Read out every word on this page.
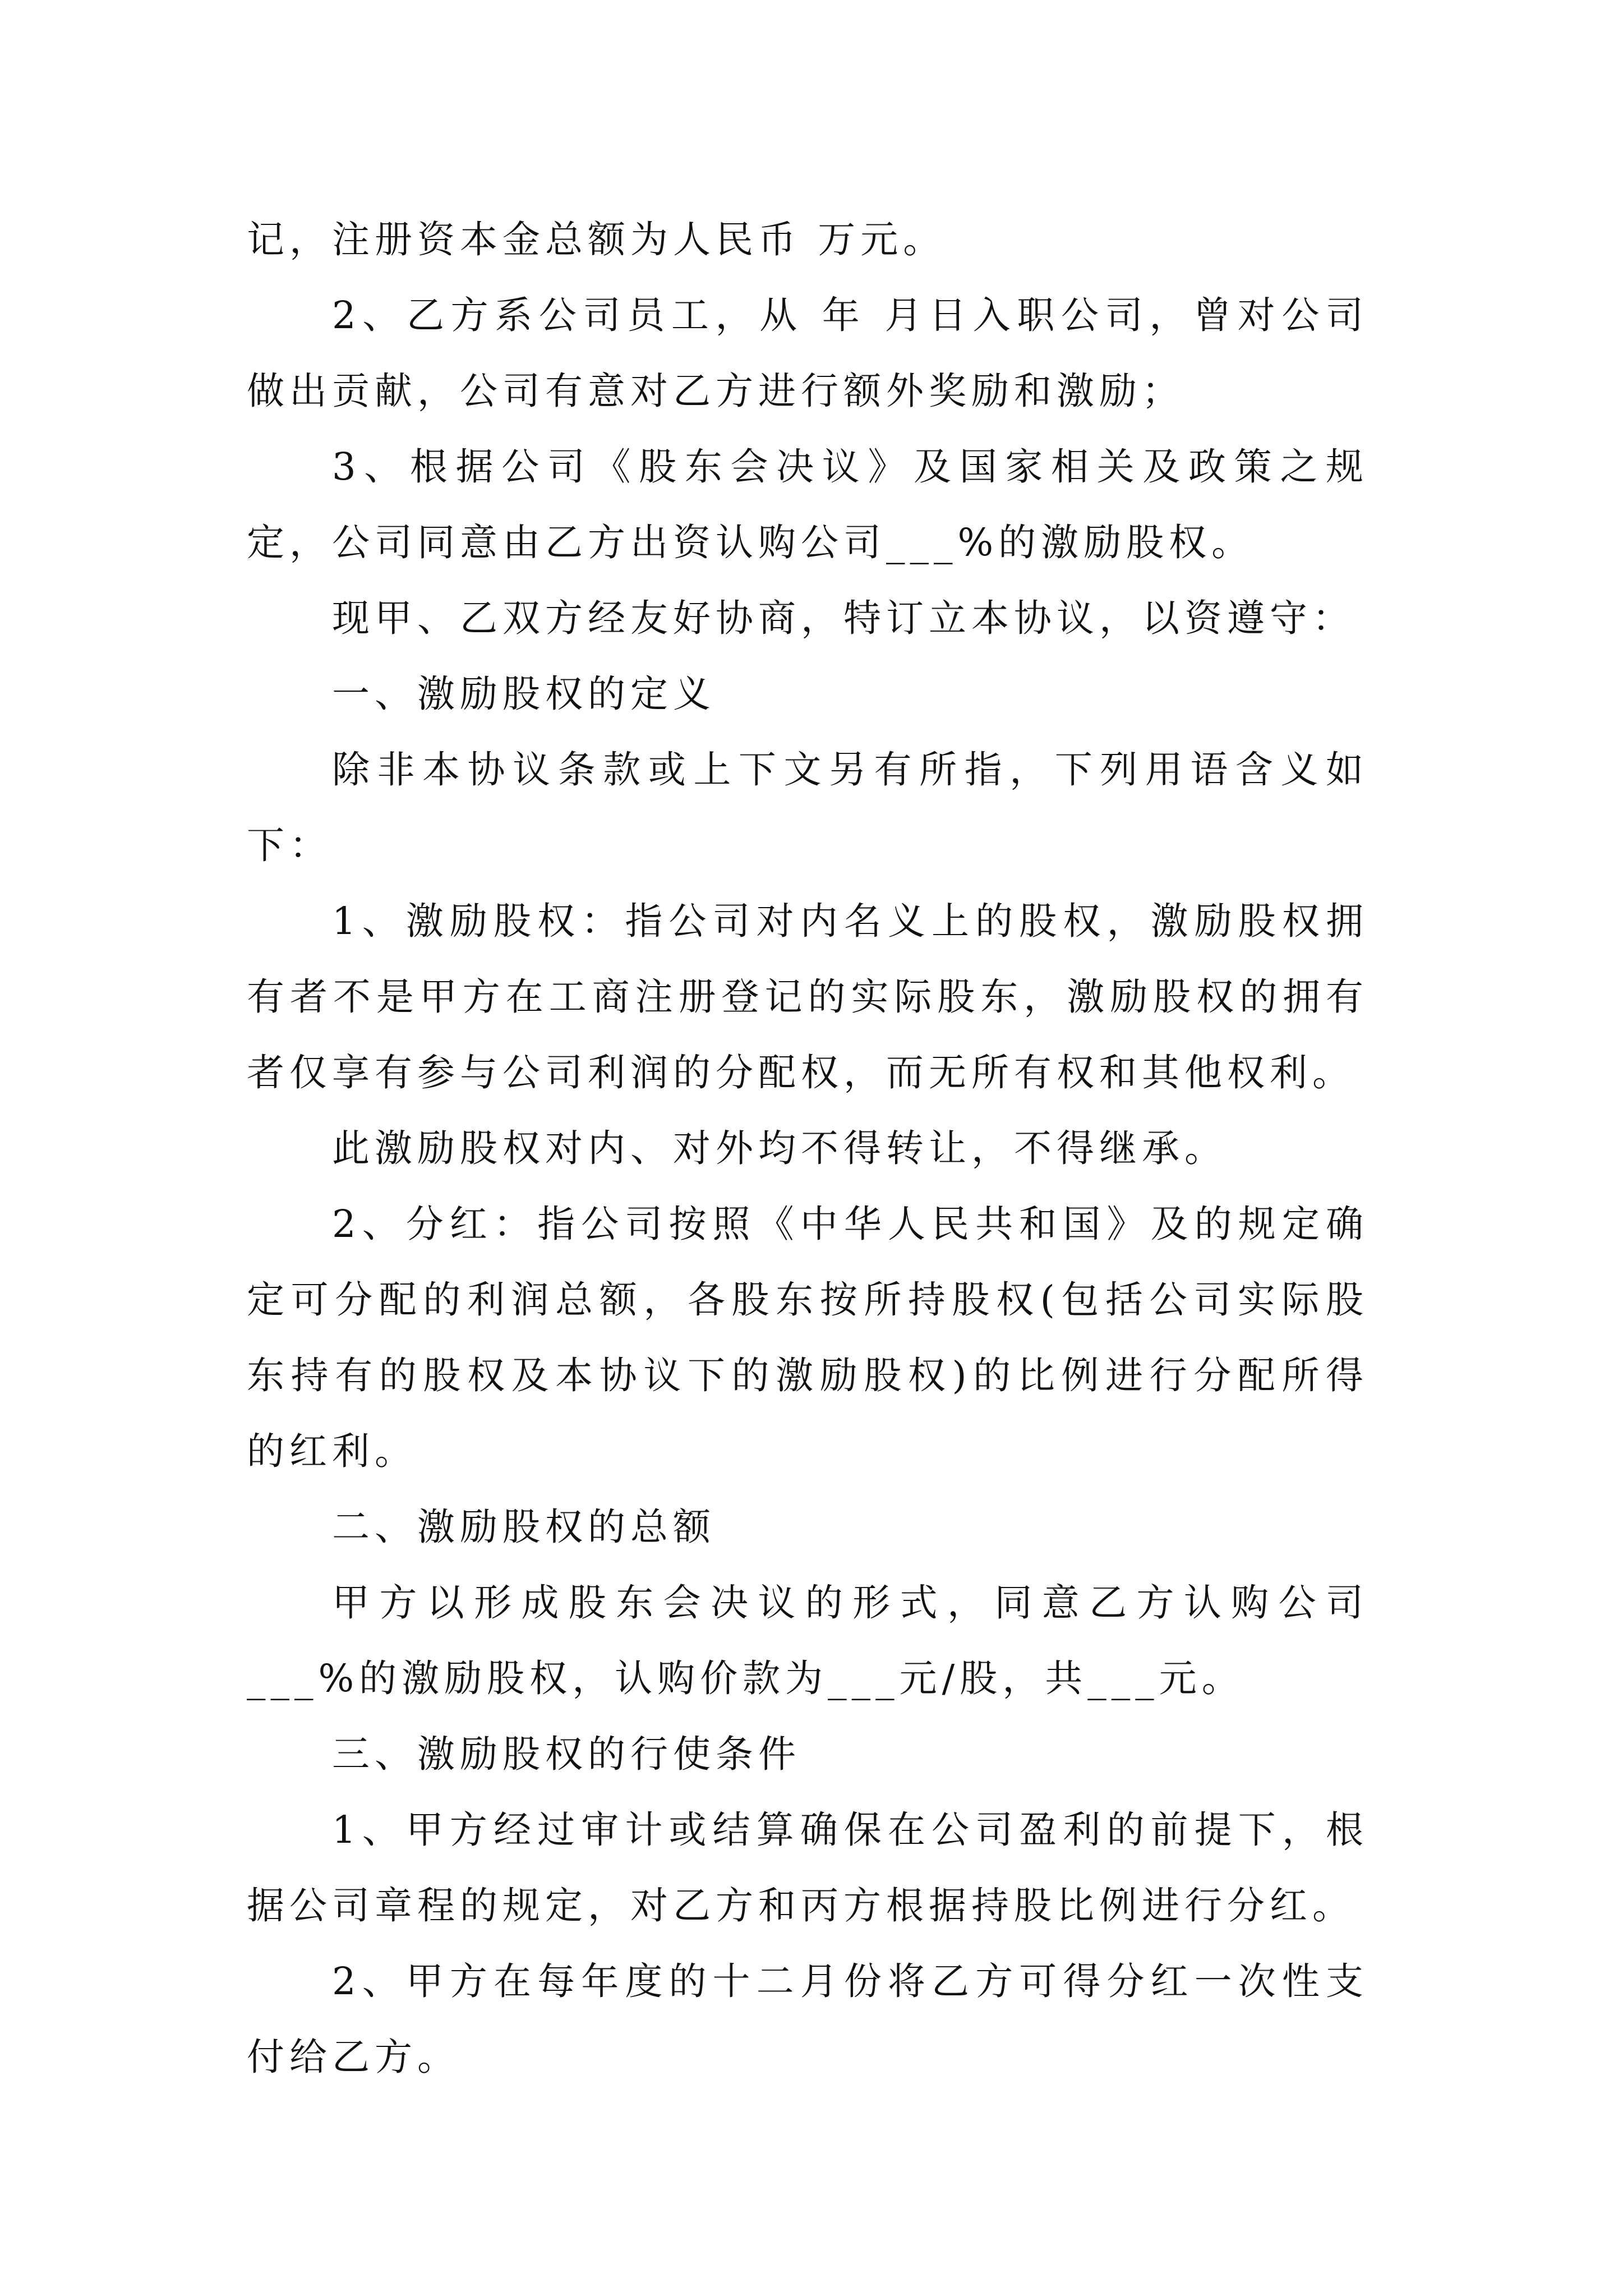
记，注册资本金总额为人民币 万元。

2、乙方系公司员工，从 年 月日入职公司，曾对公司做出贡献，公司有意对乙方进行额外奖励和激励；

3、根据公司《股东会决议》及国家相关及政策之规定，公司同意由乙方出资认购公司___%的激励股权。

现甲、乙双方经友好协商，特订立本协议，以资遵守：

一、激励股权的定义

除非本协议条款或上下文另有所指，下列用语含义如下：

1、激励股权：指公司对内名义上的股权，激励股权拥有者不是甲方在工商注册登记的实际股东，激励股权的拥有者仅享有参与公司利润的分配权，而无所有权和其他权利。

此激励股权对内、对外均不得转让，不得继承。

2、分红：指公司按照《中华人民共和国》及的规定确定可分配的利润总额，各股东按所持股权(包括公司实际股东持有的股权及本协议下的激励股权)的比例进行分配所得的红利。

二、激励股权的总额

甲方以形成股东会决议的形式，同意乙方认购公司___%的激励股权，认购价款为___元/股，共___元。

三、激励股权的行使条件

1、甲方经过审计或结算确保在公司盈利的前提下，根据公司章程的规定，对乙方和丙方根据持股比例进行分红。

2、甲方在每年度的十二月份将乙方可得分红一次性支付给乙方。
